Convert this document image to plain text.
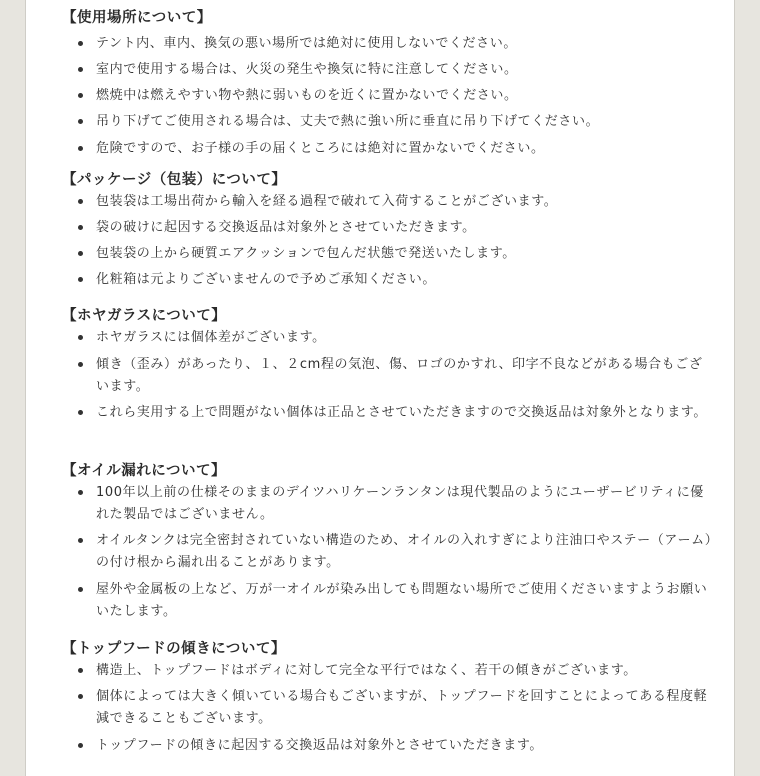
【使用場所について】
テント内、車内、換気の悪い場所では絶対に使用しないでください。
室内で使用する場合は、火災の発生や換気に特に注意してください。
燃焼中は燃えやすい物や熱に弱いものを近くに置かないでください。
吊り下げてご使用される場合は、丈夫で熱に強い所に垂直に吊り下げてください。
危険ですので、お子様の手の届くところには絶対に置かないでください。
【パッケージ（包装）について】
包装袋は工場出荷から輸入を経る過程で破れて入荷することがございます。
袋の破けに起因する交換返品は対象外とさせていただきます。
包装袋の上から硬質エアクッションで包んだ状態で発送いたします。
化粧箱は元よりございませんので予めご承知ください。
【ホヤガラスについて】
ホヤガラスには個体差がございます。
傾き（歪み）があったり、１、２cm程の気泡、傷、ロゴのかすれ、印字不良などがある場合もございます。
これら実用する上で問題がない個体は正品とさせていただきますので交換返品は対象外となります。
【オイル漏れについて】
100年以上前の仕様そのままのデイツハリケーンランタンは現代製品のようにユーザービリティに優れた製品ではございません。
オイルタンクは完全密封されていない構造のため、オイルの入れすぎにより注油口やステー（アーム）の付け根から漏れ出ることがあります。
屋外や金属板の上など、万が一オイルが染み出しても問題ない場所でご使用くださいますようお願いいたします。
【トップフードの傾きについて】
構造上、トップフードはボディに対して完全な平行ではなく、若干の傾きがございます。
個体によっては大きく傾いている場合もございますが、トップフードを回すことによってある程度軽減できることもございます。
トップフードの傾きに起因する交換返品は対象外とさせていただきます。
